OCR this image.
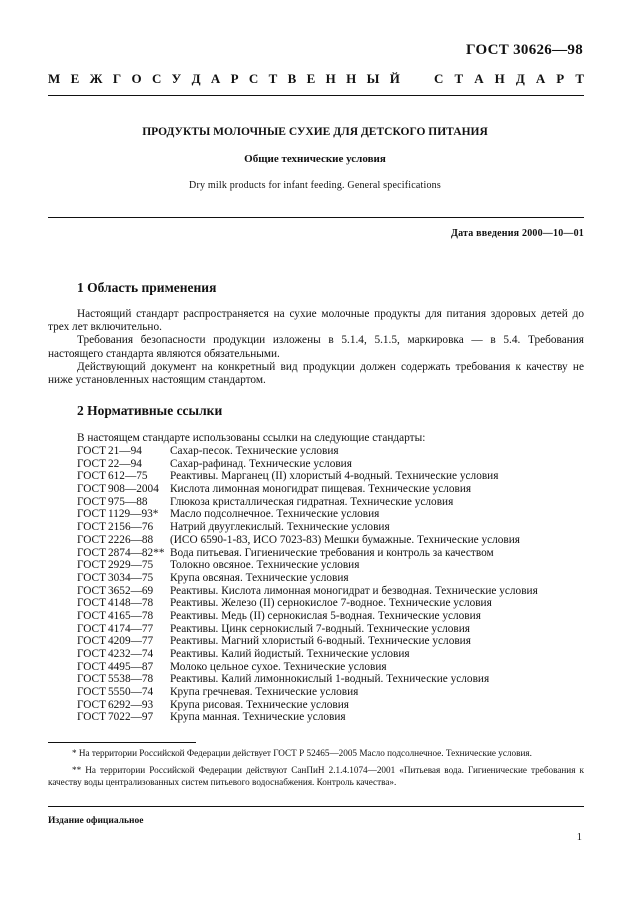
ГОСТ 30626—98
М Е Ж Г О С У Д А Р С Т В Е Н Н Ы Й	С Т А Н Д А Р Т
ПРОДУКТЫ МОЛОЧНЫЕ СУХИЕ ДЛЯ ДЕТСКОГО ПИТАНИЯ
Общие технические условия
Dry milk products for infant feeding. General specifications
Дата введения 2000—10—01
1 Область применения

Настоящий стандарт распространяется на сухие молочные продукты для питания здоровых детей до трех лет включительно.

Требования безопасности продукции изложены в 5.1.4, 5.1.5, маркировка — в 5.4. Требования настоящего стандарта являются обязательными.

Действующий документ на конкретный вид продукции должен содержать требования к качеству не ниже установленных настоящим стандартом.

2 Нормативные ссылки
В настоящем стандарте использованы ссылки на следующие стандарты:
ГОСТ 21—94	Сахар-песок. Технические условия
ГОСТ 22—94	Сахар-рафинад. Технические условия
ГОСТ 612—75	Реактивы. Марганец (II) хлористый 4-водный. Технические условия
ГОСТ 908—2004 Кислота лимонная моногидрат пищевая. Технические условия
ГОСТ 975—88	Глюкоза кристаллическая гидратная. Технические условия
ГОСТ 1129—93*	Масло подсолнечное. Технические условия
ГОСТ 2156—76	Натрий двууглекислый. Технические условия
ГОСТ 2226—88	(ИСО 6590-1-83, ИСО 7023-83) Мешки бумажные. Технические условия
ГОСТ 2874—82** Вода питьевая. Гигиенические требования и контроль за качеством
ГОСТ 2929—75	Толокно овсяное. Технические условия
ГОСТ 3034—75	Крупа овсяная. Технические условия
ГОСТ 3652—69	Реактивы. Кислота лимонная моногидрат и безводная. Технические условия
ГОСТ 4148—78	Реактивы. Железо (II) сернокислое 7-водное. Технические условия
ГОСТ 4165—78	Реактивы. Медь (II) сернокислая 5-водная. Технические условия
ГОСТ 4174—77	Реактивы. Цинк сернокислый 7-водный. Технические условия
ГОСТ 4209—77	Реактивы. Магний хлористый 6-водный. Технические условия
ГОСТ 4232—74	Реактивы. Калий йодистый. Технические условия
ГОСТ 4495—87	Молоко цельное сухое. Технические условия
ГОСТ 5538—78	Реактивы. Калий лимоннокислый 1-водный. Технические условия
ГОСТ 5550—74	Крупа гречневая. Технические условия
ГОСТ 6292—93	Крупа рисовая. Технические условия
ГОСТ 7022—97	Крупа манная. Технические условия

* На территории Российской Федерации действует ГОСТ Р 52465—2005 Масло подсолнечное. Технические условия.

** На территории Российской Федерации действуют СанПиН 2.1.4.1074—2001 «Питьевая вода. Гигиенические требования к качеству воды централизованных систем питьевого водоснабжения. Контроль качества».

Издание официальное
1
